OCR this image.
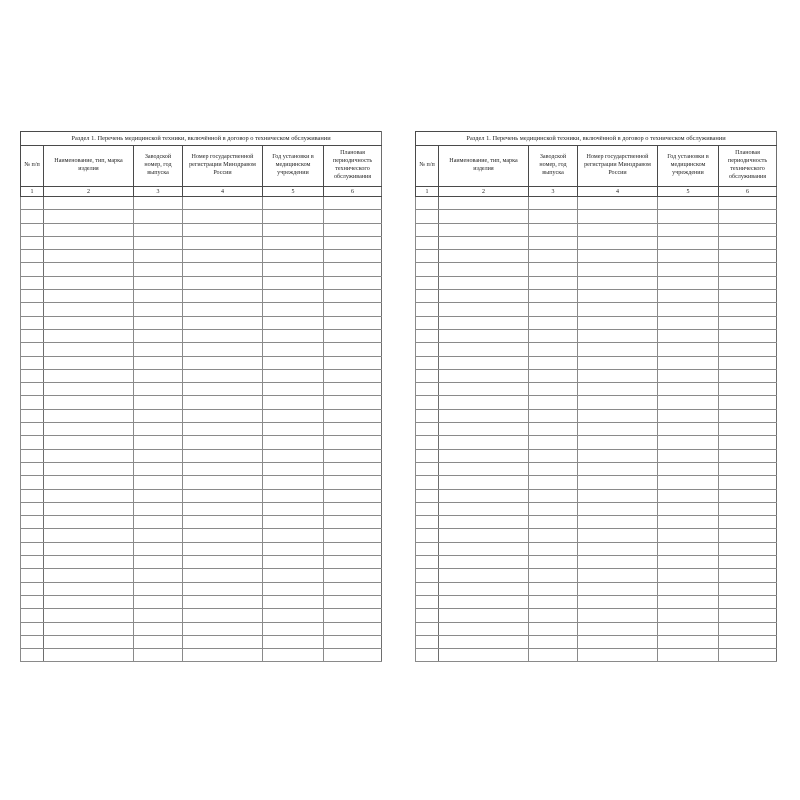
Раздел 1. Перечень медицинской техники, включённой в договор о техническом обслуживании					
№ п/п	Наименование, тип, марка изделия	Заводской номер, год выпуска	Номер государственной регистрации Минздравом России	Год установки в медицинском учреждении	Плановая периодичность технического обслуживания
1	2	3	4	5	6

Раздел 1. Перечень медицинской техники, включённой в договор о техническом обслуживании					
№ п/п	Наименование, тип, марка изделия	Заводской номер, год выпуска	Номер государственной регистрации Минздравом России	Год установки в медицинском учреждении	Плановая периодичность технического обслуживания
1	2	3	4	5	6
